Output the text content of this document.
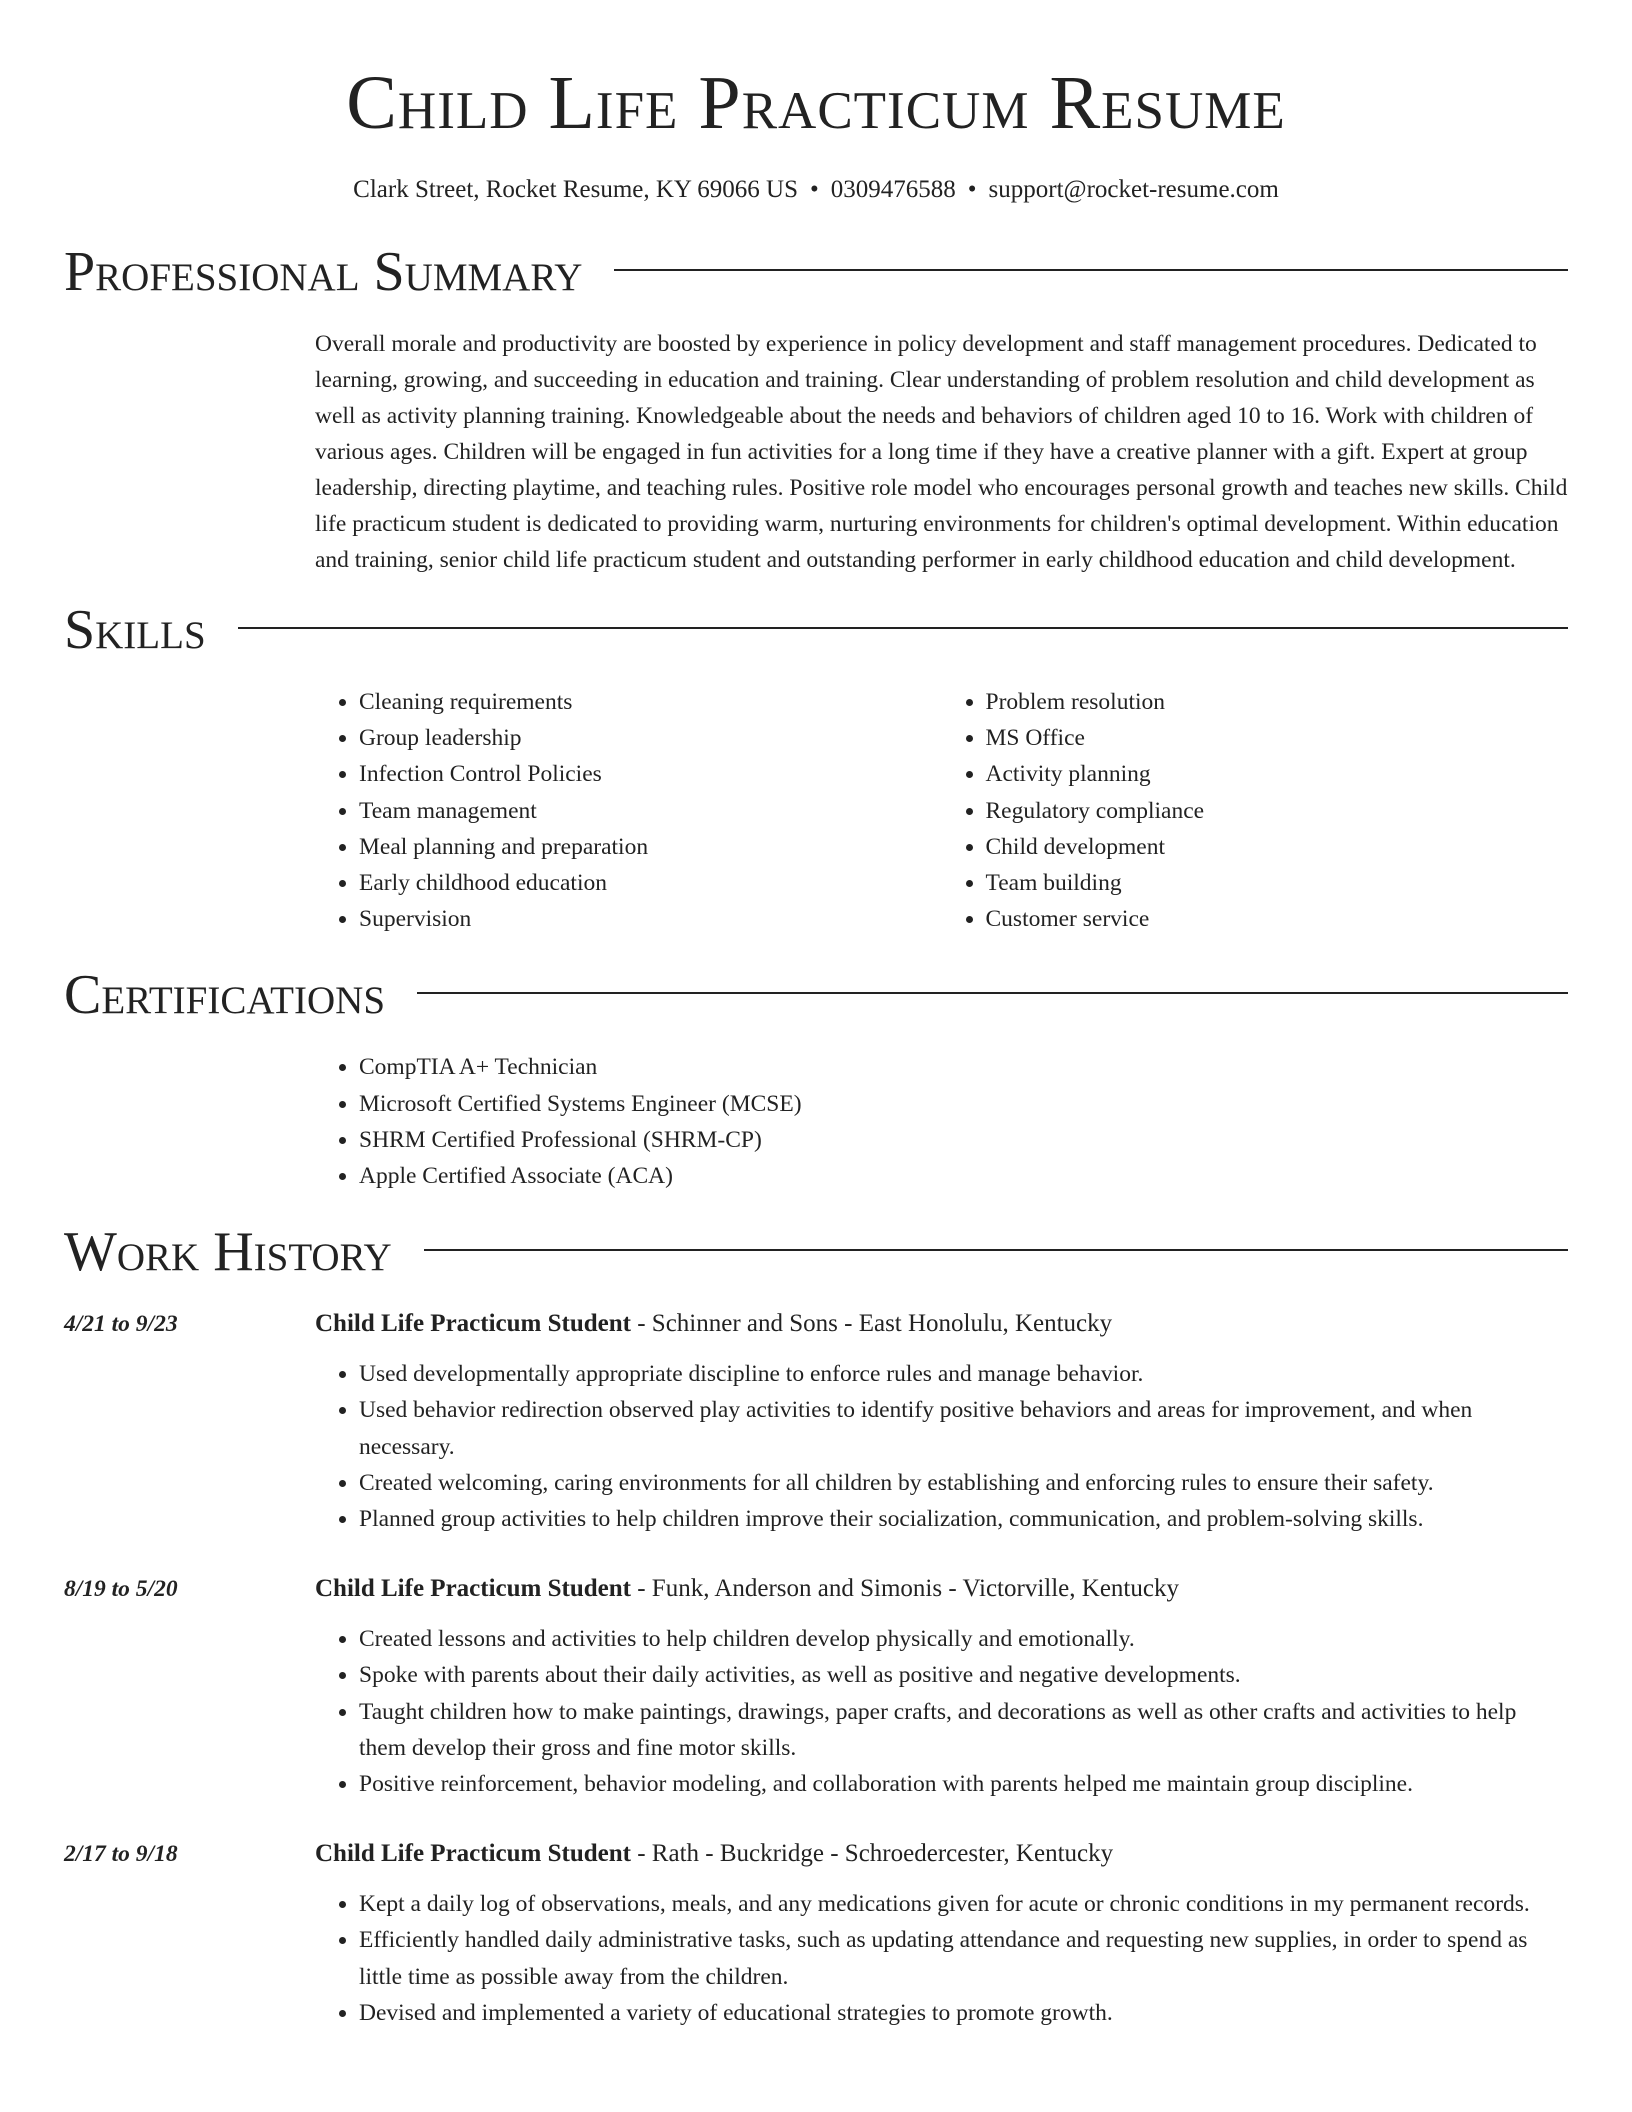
Child Life Practicum Resume
Clark Street, Rocket Resume, KY 69066 US • 0309476588 • support@rocket-resume.com
Professional Summary
Overall morale and productivity are boosted by experience in policy development and staff management procedures. Dedicated to learning, growing, and succeeding in education and training. Clear understanding of problem resolution and child development as well as activity planning training. Knowledgeable about the needs and behaviors of children aged 10 to 16. Work with children of various ages. Children will be engaged in fun activities for a long time if they have a creative planner with a gift. Expert at group leadership, directing playtime, and teaching rules. Positive role model who encourages personal growth and teaches new skills. Child life practicum student is dedicated to providing warm, nurturing environments for children's optimal development. Within education and training, senior child life practicum student and outstanding performer in early childhood education and child development.
Skills
• Cleaning requirements
• Group leadership
• Infection Control Policies
• Team management
• Meal planning and preparation
• Early childhood education
• Supervision
• Problem resolution
• MS Office
• Activity planning
• Regulatory compliance
• Child development
• Team building
• Customer service
Certifications
• CompTIA A+ Technician
• Microsoft Certified Systems Engineer (MCSE)
• SHRM Certified Professional (SHRM-CP)
• Apple Certified Associate (ACA)
Work History
4/21 to 9/23	Child Life Practicum Student - Schinner and Sons - East Honolulu, Kentucky
• Used developmentally appropriate discipline to enforce rules and manage behavior.
• Used behavior redirection observed play activities to identify positive behaviors and areas for improvement, and when necessary.
• Created welcoming, caring environments for all children by establishing and enforcing rules to ensure their safety.
• Planned group activities to help children improve their socialization, communication, and problem-solving skills.
8/19 to 5/20	Child Life Practicum Student - Funk, Anderson and Simonis - Victorville, Kentucky
• Created lessons and activities to help children develop physically and emotionally.
• Spoke with parents about their daily activities, as well as positive and negative developments.
• Taught children how to make paintings, drawings, paper crafts, and decorations as well as other crafts and activities to help them develop their gross and fine motor skills.
• Positive reinforcement, behavior modeling, and collaboration with parents helped me maintain group discipline.
2/17 to 9/18	Child Life Practicum Student - Rath - Buckridge - Schroedercester, Kentucky
• Kept a daily log of observations, meals, and any medications given for acute or chronic conditions in my permanent records.
• Efficiently handled daily administrative tasks, such as updating attendance and requesting new supplies, in order to spend as little time as possible away from the children.
• Devised and implemented a variety of educational strategies to promote growth.
